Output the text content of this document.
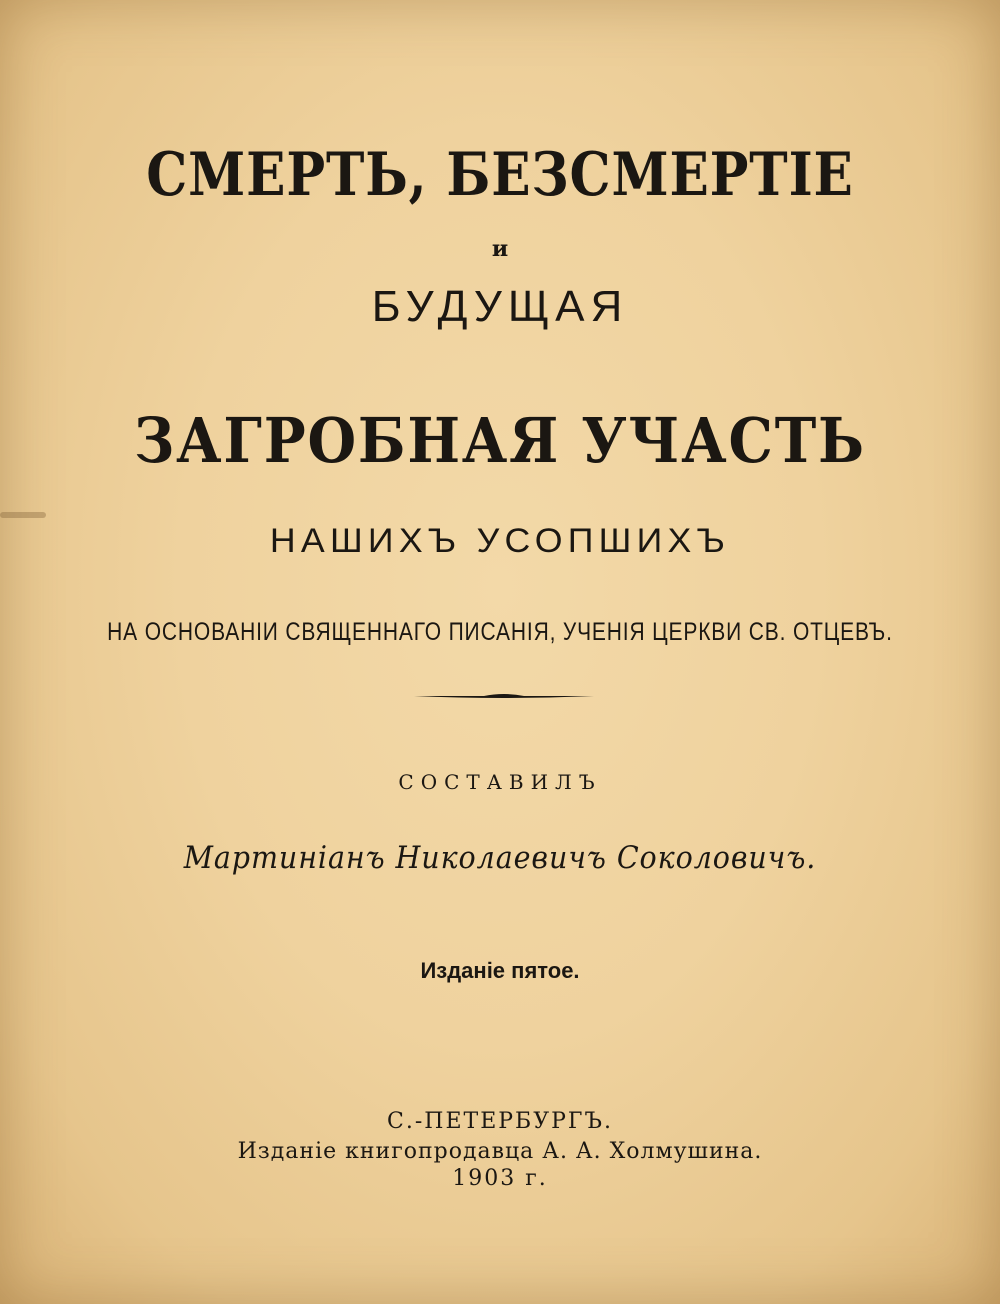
СМЕРТЬ, БЕЗСМЕРТІЕ
и
БУДУЩАЯ
ЗАГРОБНАЯ УЧАСТЬ
НАШИХЪ УСОПШИХЪ
НА ОСНОВАНІИ СВЯЩЕННАГО ПИСАНІЯ, УЧЕНІЯ ЦЕРКВИ СВ. ОТЦЕВЪ.
СОСТАВИЛЪ
Мартиніанъ Николаевичъ Соколовичъ.
Изданіе пятое.
С.-ПЕТЕРБУРГЪ.
Изданіе книгопродавца А. А. Холмушина.
1903 г.
